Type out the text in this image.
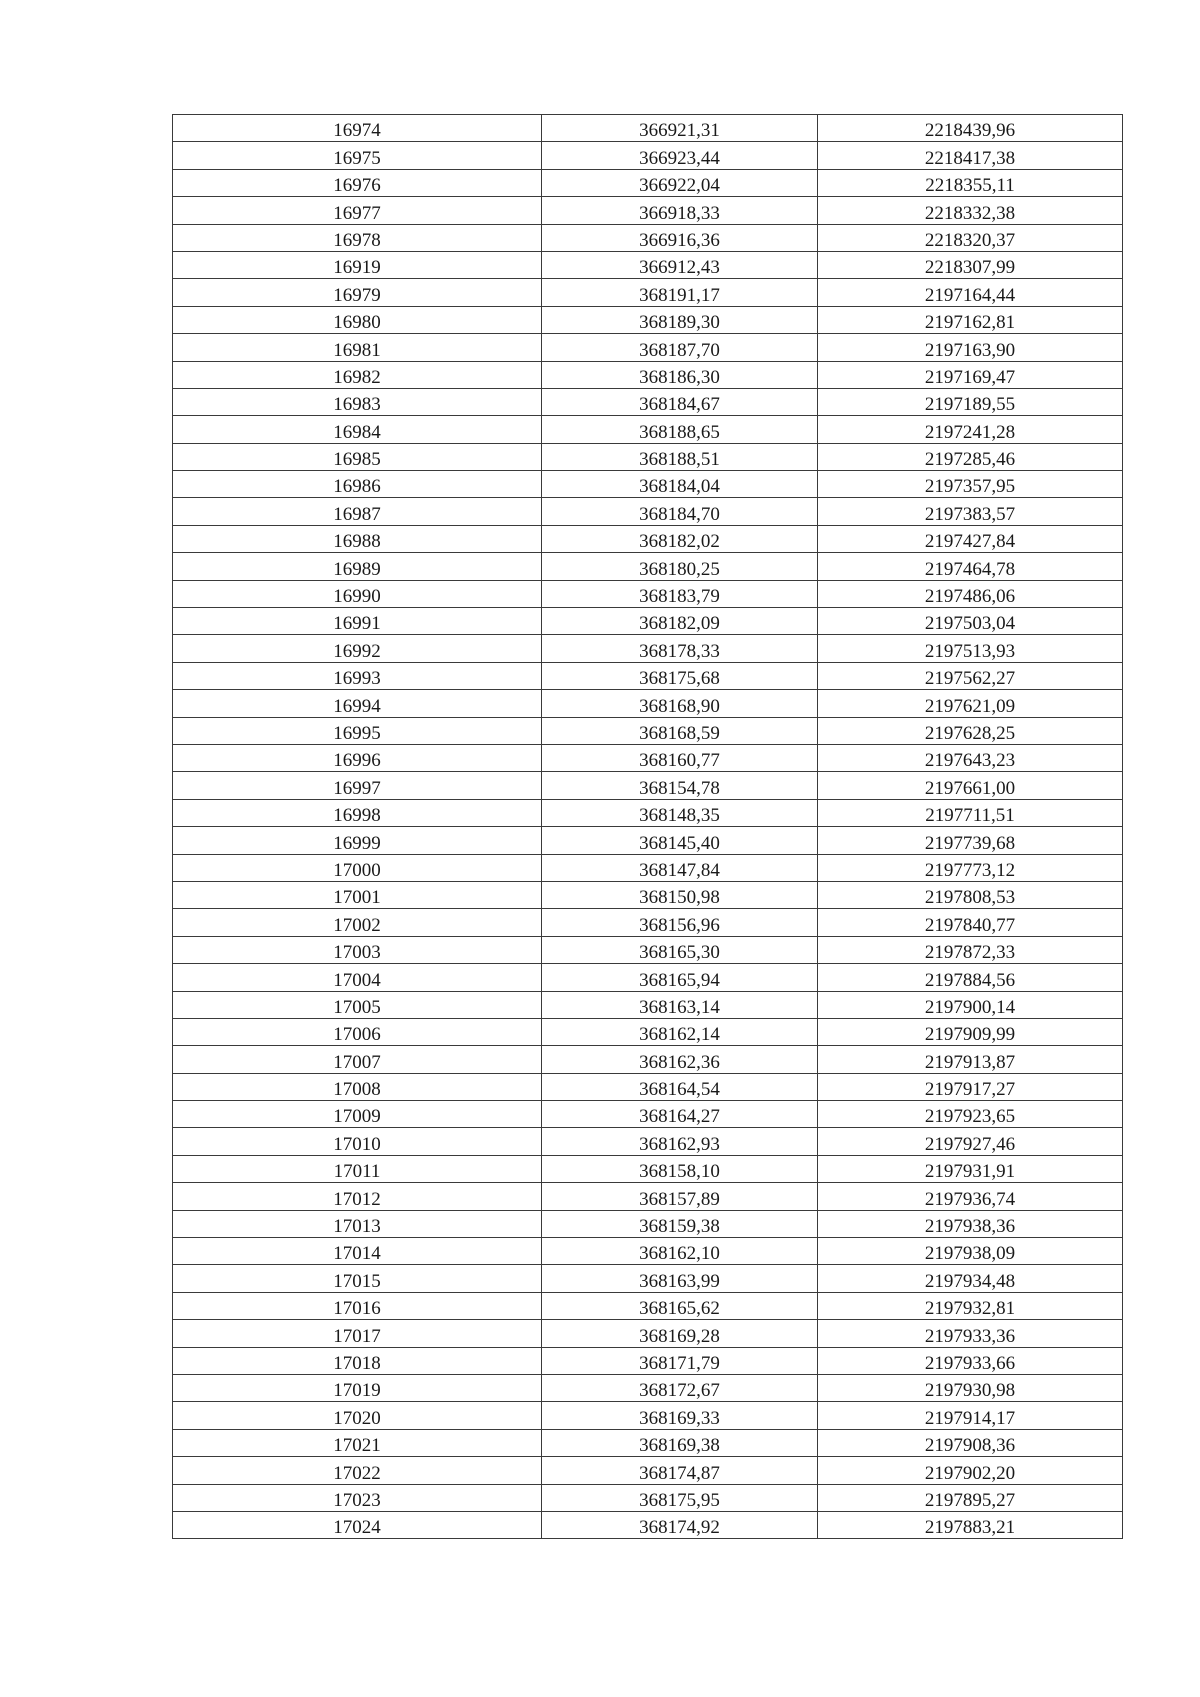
16974	366921,31	2218439,96
16975	366923,44	2218417,38
16976	366922,04	2218355,11
16977	366918,33	2218332,38
16978	366916,36	2218320,37
16919	366912,43	2218307,99
16979	368191,17	2197164,44
16980	368189,30	2197162,81
16981	368187,70	2197163,90
16982	368186,30	2197169,47
16983	368184,67	2197189,55
16984	368188,65	2197241,28
16985	368188,51	2197285,46
16986	368184,04	2197357,95
16987	368184,70	2197383,57
16988	368182,02	2197427,84
16989	368180,25	2197464,78
16990	368183,79	2197486,06
16991	368182,09	2197503,04
16992	368178,33	2197513,93
16993	368175,68	2197562,27
16994	368168,90	2197621,09
16995	368168,59	2197628,25
16996	368160,77	2197643,23
16997	368154,78	2197661,00
16998	368148,35	2197711,51
16999	368145,40	2197739,68
17000	368147,84	2197773,12
17001	368150,98	2197808,53
17002	368156,96	2197840,77
17003	368165,30	2197872,33
17004	368165,94	2197884,56
17005	368163,14	2197900,14
17006	368162,14	2197909,99
17007	368162,36	2197913,87
17008	368164,54	2197917,27
17009	368164,27	2197923,65
17010	368162,93	2197927,46
17011	368158,10	2197931,91
17012	368157,89	2197936,74
17013	368159,38	2197938,36
17014	368162,10	2197938,09
17015	368163,99	2197934,48
17016	368165,62	2197932,81
17017	368169,28	2197933,36
17018	368171,79	2197933,66
17019	368172,67	2197930,98
17020	368169,33	2197914,17
17021	368169,38	2197908,36
17022	368174,87	2197902,20
17023	368175,95	2197895,27
17024	368174,92	2197883,21
